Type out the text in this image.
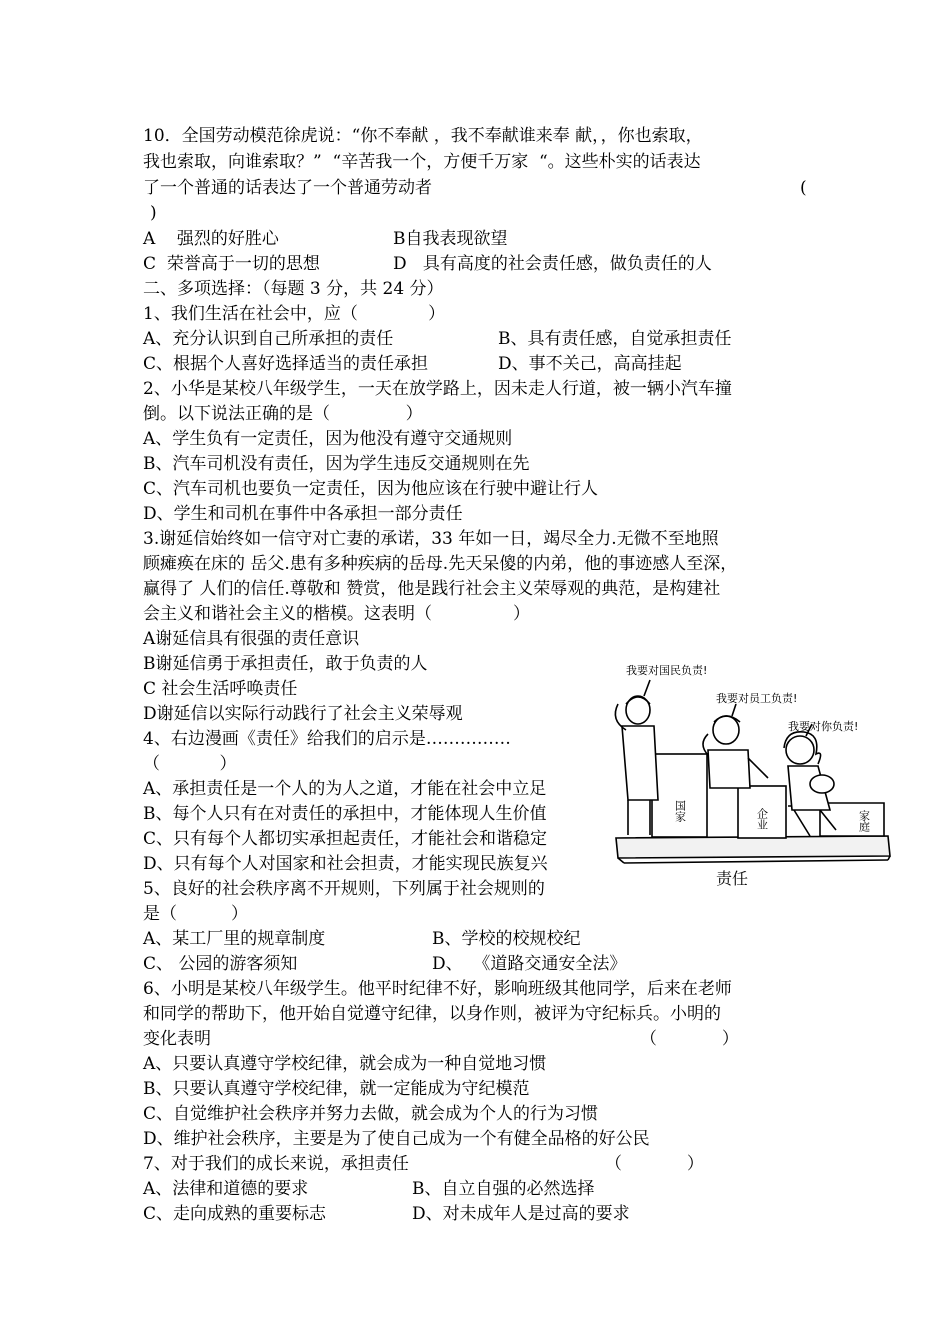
10．全国劳动模范徐虎说：“你不奉献 ，我不奉献谁来奉 献，，你也索取，
我也索取，向谁索取？”  “辛苦我一个，方便千万家  “。这些朴实的话表达
了一个普通的话表达了一个普通劳动者	(
)
A    强烈的好胜心	B自我表现欲望
C  荣誉高于一切的思想	D   具有高度的社会责任感，做负责任的人
二、多项选择：（每题 3 分，共 24 分）
1、我们生活在社会中，应（             ）
A、充分认识到自己所承担的责任	B、具有责任感，自觉承担责任
C、根据个人喜好选择适当的责任承担	D、事不关己，高高挂起
2、小华是某校八年级学生，一天在放学路上，因未走人行道，被一辆小汽车撞
倒。以下说法正确的是（              ）
A、学生负有一定责任，因为他没有遵守交通规则
B、汽车司机没有责任，因为学生违反交通规则在先
C、汽车司机也要负一定责任，因为他应该在行驶中避让行人
D、学生和司机在事件中各承担一部分责任
3.谢延信始终如一信守对亡妻的承诺，33 年如一日，竭尽全力.无微不至地照
顾瘫痪在床的 岳父.患有多种疾病的岳母.先天呆傻的内弟，他的事迹感人至深，
赢得了 人们的信任.尊敬和 赞赏，他是践行社会主义荣辱观的典范，是构建社
会主义和谐社会主义的楷模。这表明（               ）
A谢延信具有很强的责任意识
B谢延信勇于承担责任，敢于负责的人
C 社会生活呼唤责任
D谢延信以实际行动践行了社会主义荣辱观
4、右边漫画《责任》给我们的启示是……………
（           ）
A、承担责任是一个人的为人之道，才能在社会中立足
B、每个人只有在对责任的承担中，才能体现人生价值
C、只有每个人都切实承担起责任，才能社会和谐稳定
D、只有每个人对国家和社会担责，才能实现民族复兴
5、良好的社会秩序离不开规则，下列属于社会规则的
是（          ）
A、某工厂里的规章制度	B、学校的校规校纪
C、 公园的游客须知	D、  《道路交通安全法》
6、小明是某校八年级学生。他平时纪律不好，影响班级其他同学，后来在老师
和同学的帮助下，他开始自觉遵守纪律，以身作则，被评为守纪标兵。小明的
变化表明	（            ）
A、只要认真遵守学校纪律，就会成为一种自觉地习惯
B、只要认真遵守学校纪律，就一定能成为守纪模范
C、自觉维护社会秩序并努力去做，就会成为个人的行为习惯
D、维护社会秩序，主要是为了使自己成为一个有健全品格的好公民
7、对于我们的成长来说，承担责任	（            ）
A、法律和道德的要求	B、自立自强的必然选择
C、走向成熟的重要标志	D、对未成年人是过高的要求
我要对国民负责!
我要对员工负责!
我要对你负责!
国家	企业	家庭
责任
